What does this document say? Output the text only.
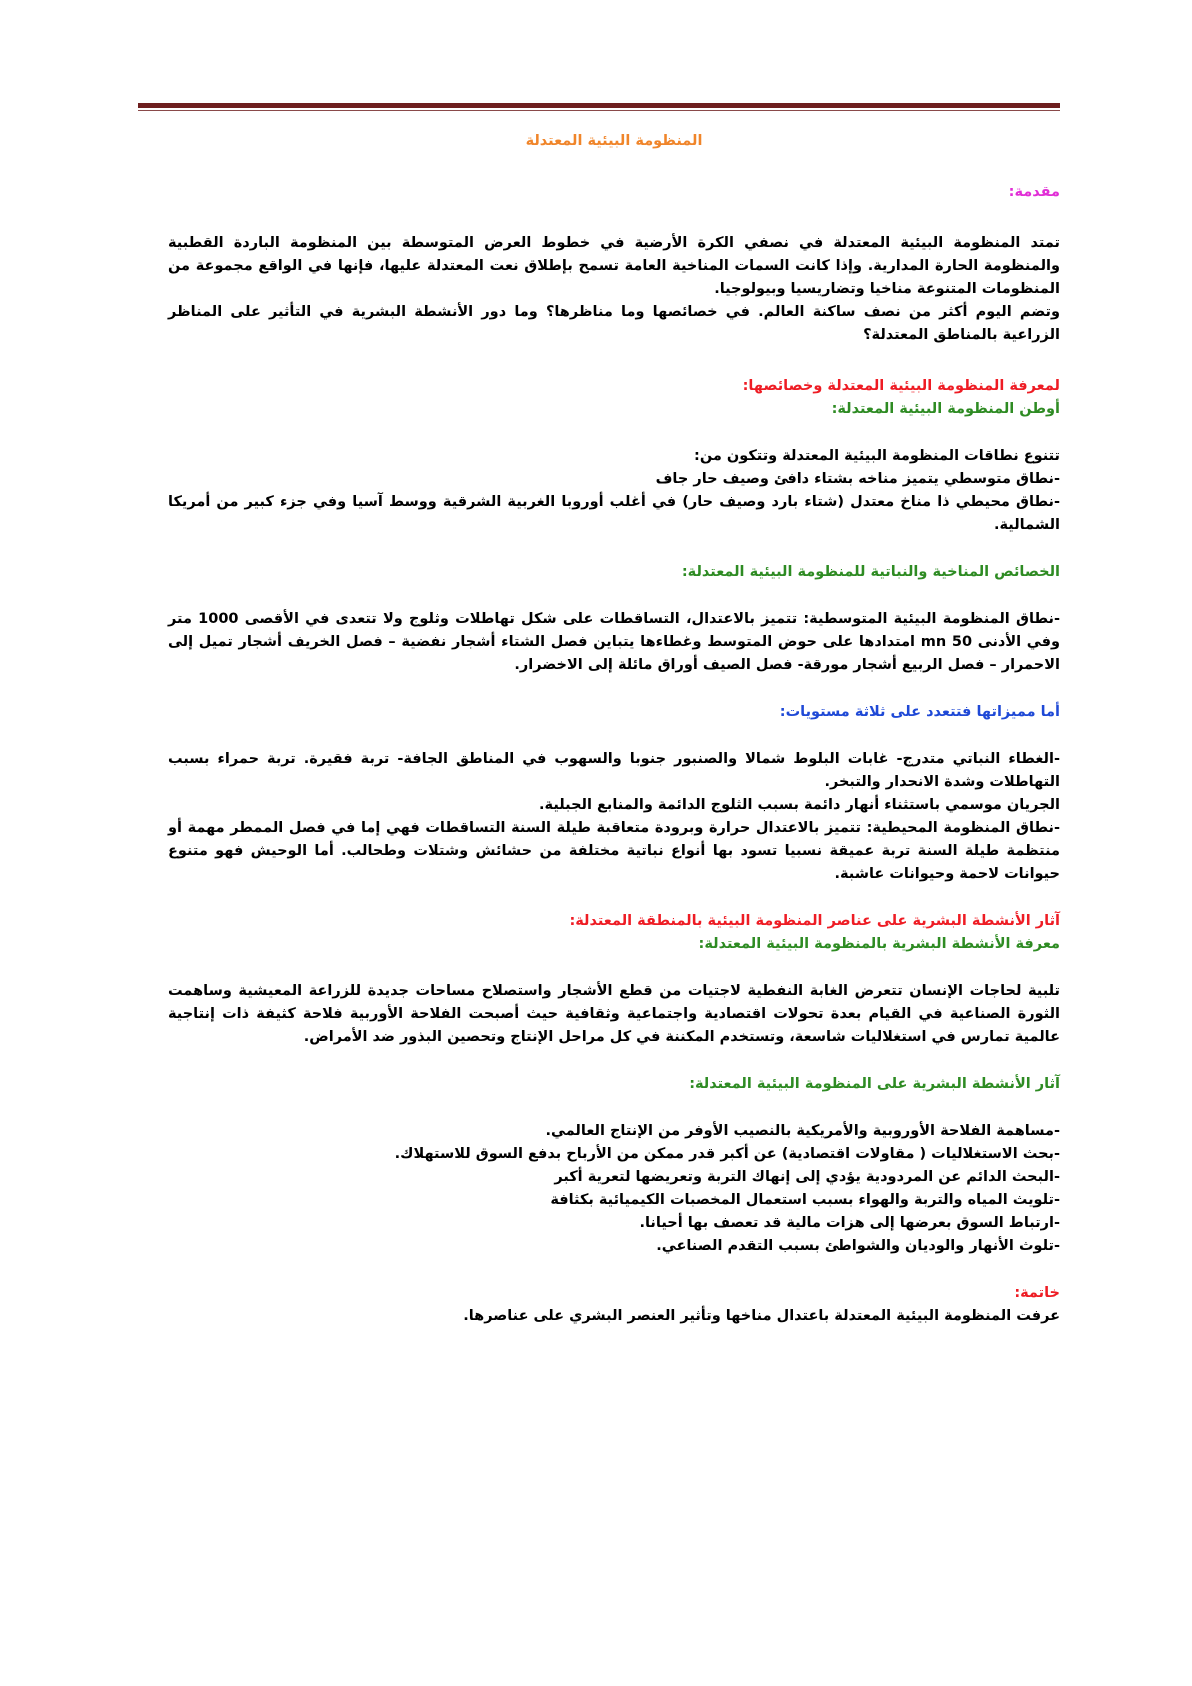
المنظومة البيئية المعتدلة

مقدمة:

تمتد المنظومة البيئية المعتدلة في نصفي الكرة الأرضية في خطوط العرض المتوسطة بين المنظومة الباردة القطبية والمنظومة الحارة المدارية. وإذا كانت السمات المناخية العامة تسمح بإطلاق نعت المعتدلة عليها، فإنها في الواقع مجموعة من المنظومات المتنوعة مناخيا وتضاريسيا وبيولوجيا.

وتضم اليوم أكثر من نصف ساكنة العالم. في خصائصها وما مناظرها؟ وما دور الأنشطة البشرية في التأثير على المناظر الزراعية بالمناطق المعتدلة؟

لمعرفة المنظومة البيئية المعتدلة وخصائصها:

أوطن المنظومة البيئية المعتدلة:

تتنوع نطاقات المنظومة البيئية المعتدلة وتتكون من:

-نطاق متوسطي يتميز مناخه بشتاء دافئ وصيف حار جاف

-نطاق محيطي ذا مناخ معتدل (شتاء بارد وصيف حار) في أغلب أوروبا الغربية الشرقية ووسط آسيا وفي جزء كبير من أمريكا الشمالية.

الخصائص المناخية والنباتية للمنظومة البيئية المعتدلة:

-نطاق المنظومة البيئية المتوسطية: تتميز بالاعتدال، التساقطات على شكل تهاطلات وثلوج ولا تتعدى في الأقصى 1000 متر وفي الأدنى 50 mn امتدادها على حوض المتوسط وغطاءها يتباين فصل الشتاء أشجار نفضية – فصل الخريف أشجار تميل إلى الاحمرار – فصل الربيع أشجار مورقة- فصل الصيف أوراق مائلة إلى الاخضرار.

أما مميزاتها فتتعدد على ثلاثة مستويات:

-الغطاء النباتي متدرج- غابات البلوط شمالا والصنبور جنوبا والسهوب في المناطق الجافة- تربة فقيرة. تربة حمراء بسبب التهاطلات وشدة الانحدار والتبخر.

الجريان موسمي باستثناء أنهار دائمة بسبب الثلوج الدائمة والمنابع الجبلية.

-نطاق المنظومة المحيطية: تتميز بالاعتدال حرارة وبرودة متعاقبة طيلة السنة التساقطات فهي إما في فصل الممطر مهمة أو منتظمة طيلة السنة تربة عميقة نسبيا تسود بها أنواع نباتية مختلفة من حشائش وشتلات وطحالب. أما الوحيش فهو متنوع حيوانات لاحمة وحيوانات عاشبة.

آثار الأنشطة البشرية على عناصر المنظومة البيئية بالمنطقة المعتدلة:

معرفة الأنشطة البشرية بالمنظومة البيئية المعتدلة:

تلبية لحاجات الإنسان تتعرض الغابة النفطية لاجتيات من قطع الأشجار واستصلاح مساحات جديدة للزراعة المعيشية وساهمت الثورة الصناعية في القيام بعدة تحولات اقتصادية واجتماعية وثقافية حيث أصبحت الفلاحة الأوربية فلاحة كثيفة ذات إنتاجية عالمية تمارس في استغلاليات شاسعة، وتستخدم المكننة في كل مراحل الإنتاج وتحصين البذور ضد الأمراض.

آثار الأنشطة البشرية على المنظومة البيئية المعتدلة:

-مساهمة الفلاحة الأوروبية والأمريكية بالنصيب الأوفر من الإنتاج العالمي.
-بحث الاستغلاليات ( مقاولات اقتصادية) عن أكبر قدر ممكن من الأرباح بدفع السوق للاستهلاك.
-البحث الدائم عن المردودية يؤدي إلى إنهاك التربة وتعريضها لتعرية أكبر
-تلويث المياه والتربة والهواء بسبب استعمال المخصبات الكيميائية بكثافة
-ارتباط السوق بعرضها إلى هزات مالية قد تعصف بها أحيانا.
-تلوث الأنهار والوديان والشواطئ بسبب التقدم الصناعي.

خاتمة:

عرفت المنظومة البيئية المعتدلة باعتدال مناخها وتأثير العنصر البشري على عناصرها.
